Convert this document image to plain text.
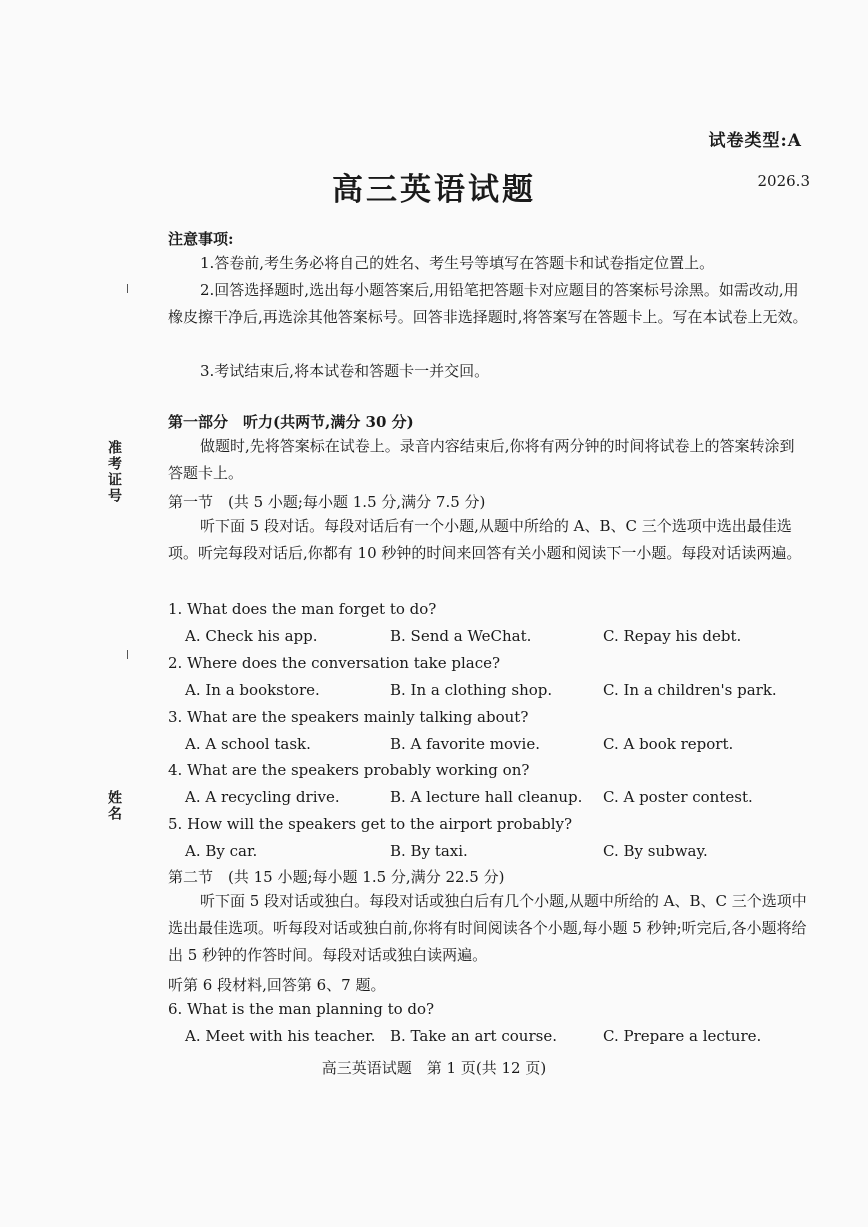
试卷类型:A
高三英语试题	2026.3
准考证号
姓名
注意事项:
1.答卷前,考生务必将自己的姓名、考生号等填写在答题卡和试卷指定位置上。
2.回答选择题时,选出每小题答案后,用铅笔把答题卡对应题目的答案标号涂黑。如需改动,用橡皮擦干净后,再选涂其他答案标号。回答非选择题时,将答案写在答题卡上。写在本试卷上无效。
3.考试结束后,将本试卷和答题卡一并交回。
第一部分　听力(共两节,满分 30 分)
做题时,先将答案标在试卷上。录音内容结束后,你将有两分钟的时间将试卷上的答案转涂到答题卡上。
第一节　(共 5 小题;每小题 1.5 分,满分 7.5 分)
听下面 5 段对话。每段对话后有一个小题,从题中所给的 A、B、C 三个选项中选出最佳选项。听完每段对话后,你都有 10 秒钟的时间来回答有关小题和阅读下一小题。每段对话读两遍。
1. What does the man forget to do?
A. Check his app.	B. Send a WeChat.	C. Repay his debt.
2. Where does the conversation take place?
A. In a bookstore.	B. In a clothing shop.	C. In a children's park.
3. What are the speakers mainly talking about?
A. A school task.	B. A favorite movie.	C. A book report.
4. What are the speakers probably working on?
A. A recycling drive.	B. A lecture hall cleanup. C. A poster contest.
5. How will the speakers get to the airport probably?
A. By car.	B. By taxi.	C. By subway.
第二节　(共 15 小题;每小题 1.5 分,满分 22.5 分)
听下面 5 段对话或独白。每段对话或独白后有几个小题,从题中所给的 A、B、C 三个选项中选出最佳选项。听每段对话或独白前,你将有时间阅读各个小题,每小题 5 秒钟;听完后,各小题将给出 5 秒钟的作答时间。每段对话或独白读两遍。
听第 6 段材料,回答第 6、7 题。
6. What is the man planning to do?
A. Meet with his teacher. B. Take an art course.	C. Prepare a lecture.
高三英语试题　第 1 页(共 12 页)
